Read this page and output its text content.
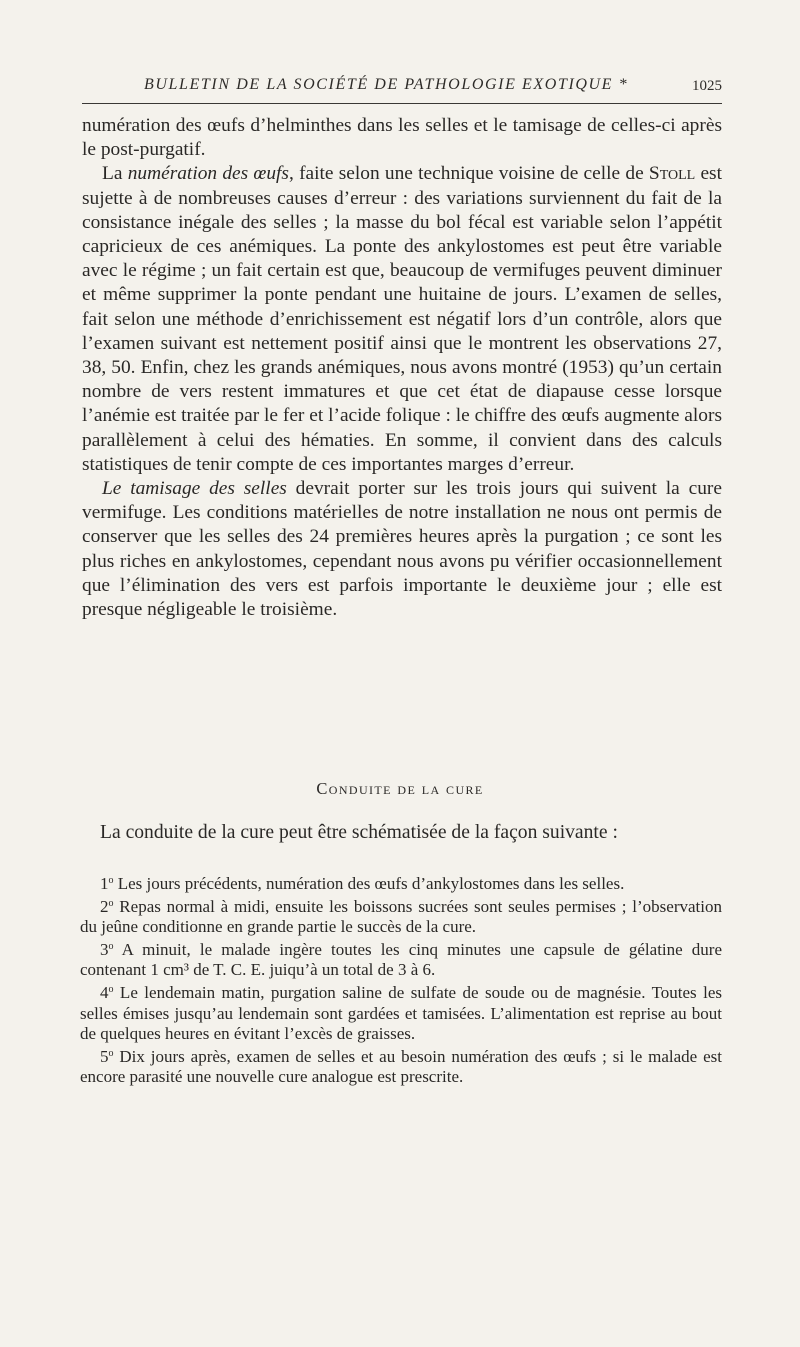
BULLETIN DE LA SOCIÉTÉ DE PATHOLOGIE EXOTIQUE *	1025

numération des œufs d’helminthes dans les selles et le tamisage de celles-ci après le post-purgatif.

La numération des œufs, faite selon une technique voisine de celle de Stoll est sujette à de nombreuses causes d’erreur : des variations surviennent du fait de la consistance inégale des selles ; la masse du bol fécal est variable selon l’appétit capricieux de ces anémiques. La ponte des ankylostomes est peut être variable avec le régime ; un fait certain est que, beaucoup de vermifuges peuvent diminuer et même supprimer la ponte pendant une huitaine de jours. L’examen de selles, fait selon une méthode d’enrichissement est négatif lors d’un contrôle, alors que l’examen suivant est nettement positif ainsi que le montrent les observations 27, 38, 50. Enfin, chez les grands anémiques, nous avons montré (1953) qu’un certain nombre de vers restent immatures et que cet état de diapause cesse lorsque l’anémie est traitée par le fer et l’acide folique : le chiffre des œufs augmente alors parallèlement à celui des hématies. En somme, il convient dans des calculs statistiques de tenir compte de ces importantes marges d’erreur.

Le tamisage des selles devrait porter sur les trois jours qui suivent la cure vermifuge. Les conditions matérielles de notre installation ne nous ont permis de conserver que les selles des 24 premières heures après la purgation ; ce sont les plus riches en ankylostomes, cependant nous avons pu vérifier occasionnellement que l’élimination des vers est parfois importante le deuxième jour ; elle est presque négligeable le troisième.

Conduite de la cure
La conduite de la cure peut être schématisée de la façon suivante :

1$^o$ Les jours précédents, numération des œufs d’ankylostomes dans les selles.

2$^o$ Repas normal à midi, ensuite les boissons sucrées sont seules permises ; l’observation du jeûne conditionne en grande partie le succès de la cure.

3$^o$ A minuit, le malade ingère toutes les cinq minutes une capsule de gélatine dure contenant 1 cm³ de T. C. E. juiqu’à un total de 3 à 6.

4$^o$ Le lendemain matin, purgation saline de sulfate de soude ou de magnésie. Toutes les selles émises jusqu’au lendemain sont gardées et tamisées. L’alimentation est reprise au bout de quelques heures en évitant l’excès de graisses.

5$^o$ Dix jours après, examen de selles et au besoin numération des œufs ; si le malade est encore parasité une nouvelle cure analogue est prescrite.
